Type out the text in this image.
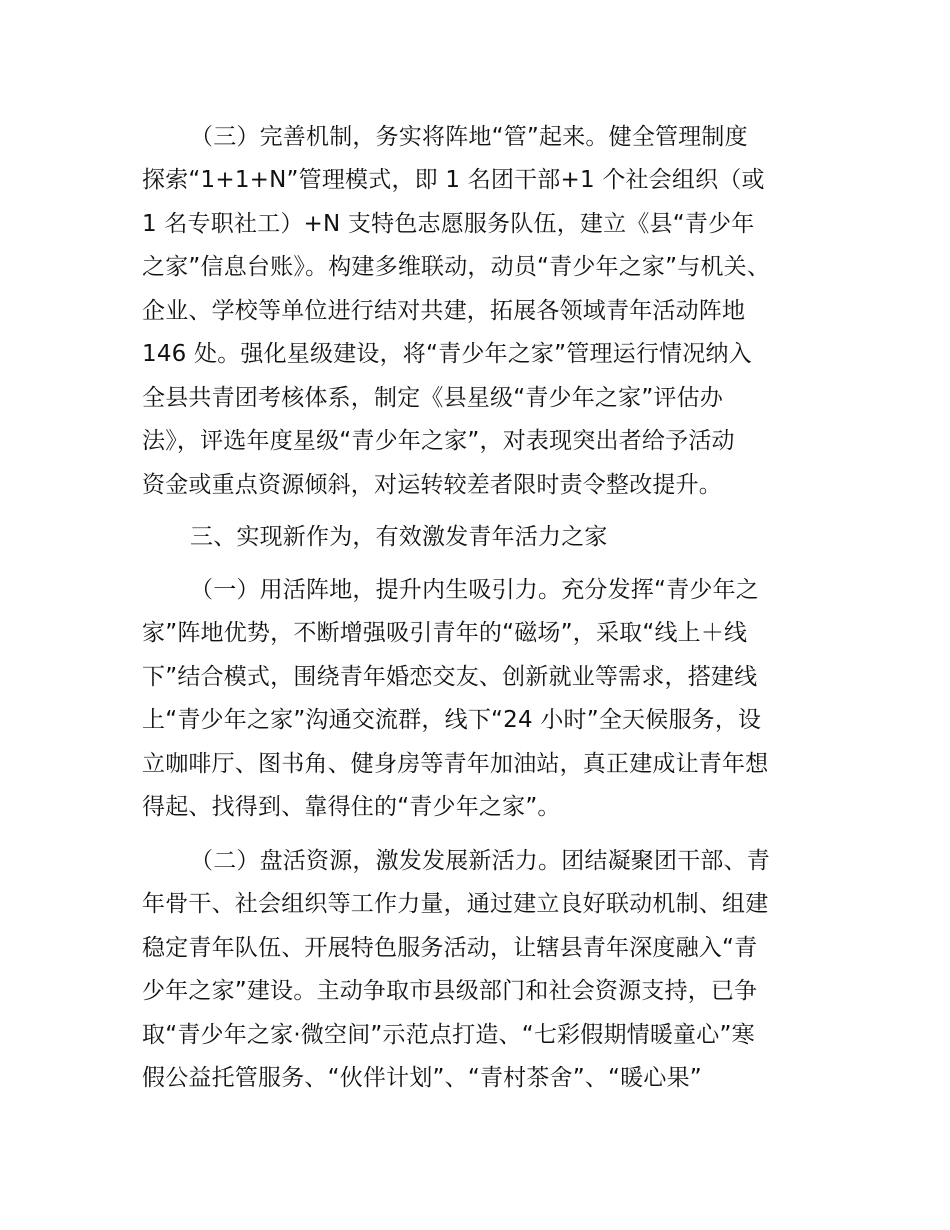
（三）完善机制，务实将阵地“管”起来。健全管理制度

探索“1+1+N”管理模式，即 1 名团干部+1 个社会组织（或

1 名专职社工）+N 支特色志愿服务队伍，建立《县“青少年

之家”信息台账》。构建多维联动，动员“青少年之家”与机关、

企业、学校等单位进行结对共建，拓展各领域青年活动阵地

146 处。强化星级建设，将“青少年之家”管理运行情况纳入

全县共青团考核体系，制定《县星级“青少年之家”评估办

法》，评选年度星级“青少年之家”，对表现突出者给予活动

资金或重点资源倾斜，对运转较差者限时责令整改提升。

三、实现新作为，有效激发青年活力之家

（一）用活阵地，提升内生吸引力。充分发挥“青少年之

家”阵地优势，不断增强吸引青年的“磁场”，采取“线上＋线

下”结合模式，围绕青年婚恋交友、创新就业等需求，搭建线

上“青少年之家”沟通交流群，线下“24 小时”全天候服务，设

立咖啡厅、图书角、健身房等青年加油站，真正建成让青年想

得起、找得到、靠得住的“青少年之家”。

（二）盘活资源，激发发展新活力。团结凝聚团干部、青

年骨干、社会组织等工作力量，通过建立良好联动机制、组建

稳定青年队伍、开展特色服务活动，让辖县青年深度融入“青

少年之家”建设。主动争取市县级部门和社会资源支持，已争

取“青少年之家·微空间”示范点打造、“七彩假期情暖童心”寒

假公益托管服务、“伙伴计划”、“青村茶舍”、“暖心果”
